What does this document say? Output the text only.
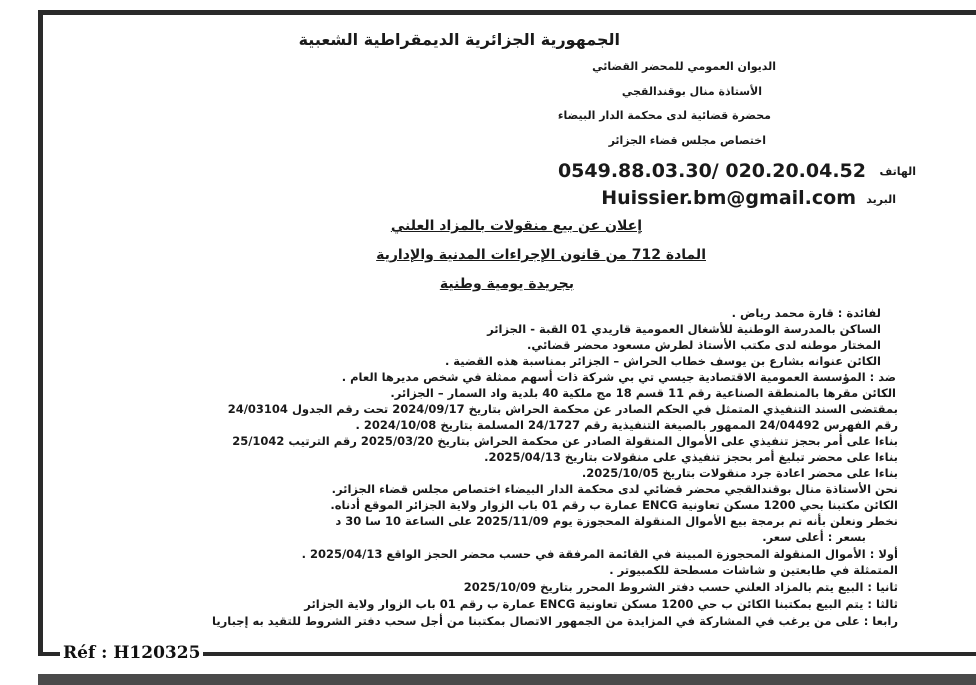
الجمهورية الجزائرية الديمقراطية الشعبية
الديوان العمومي للمحضر القضائي
الأستاذة منال بوقندالقجي
محضرة قضائية لدى محكمة الدار البيضاء
اختصاص مجلس قضاء الجزائر
0549.88.03.30/ 020.20.04.52 الهاتف
Huissier.bm@gmail.com البريد
إعلان عن بيع منقولات بالمزاد العلني
المادة 712 من قانون الإجراءات المدنية والإدارية
بجريدة يومية وطنية
لفائدة : قارة محمد رياض .
الساكن بالمدرسة الوطنية للأشغال العمومية قاريدي 01 القبة - الجزائر
المختار موطنه لدى مكتب الأستاذ لطرش مسعود محضر قضائي.
الكائن عنوانه بشارع بن يوسف خطاب الحراش – الجزائر بمناسبة هذه القضية .
ضد : المؤسسة العمومية الاقتصادية جيسي تي بي شركة ذات أسهم ممثلة في شخص مديرها العام .
الكائن مقرها بالمنطقة الصناعية رقم 11 قسم 18 مج ملكية 40 بلدية واد السمار – الجزائر.
بمقتضى السند التنفيذي المتمثل في الحكم الصادر عن محكمة الحراش بتاريخ 2024/09/17 تحت رقم الجدول 24/03104
رقم الفهرس 24/04492 الممهور بالصيغة التنفيذية رقم 24/1727 المسلمة بتاريخ 2024/10/08 .
بناءا على أمر بحجز تنفيذي على الأموال المنقولة الصادر عن محكمة الحراش بتاريخ 2025/03/20 رقم الترتيب 25/1042
بناءا على محضر تبليغ أمر بحجز تنفيذي على منقولات بتاريخ 2025/04/13.
بناءا على محضر اعادة جرد منقولات بتاريخ 2025/10/05.
نحن الأستاذة منال بوقندالقجي محضر قضائي لدى محكمة الدار البيضاء اختصاص مجلس قضاء الجزائر.
الكائن مكتبنا بحي 1200 مسكن تعاونية ENCG عمارة ب رقم 01 باب الزوار ولاية الجزائر الموقع أدناه.
نخطر ونعلن بأنه تم برمجة بيع الأموال المنقولة المحجوزة يوم 2025/11/09 على الساعة 10 سا 30 د
بسعر : أعلى سعر.
أولا : الأموال المنقولة المحجوزة المبينة في القائمة المرفقة في حسب محضر الحجز الواقع 2025/04/13 .
المتمثلة في طابعتين و شاشات مسطحة للكمبيوتر .
ثانيا : البيع يتم بالمزاد العلني حسب دفتر الشروط المحرر بتاريخ 2025/10/09
ثالثا : يتم البيع بمكتبنا الكائن ب حي 1200 مسكن تعاونية ENCG عمارة ب رقم 01 باب الزوار ولاية الجزائر
رابعا : على من يرغب في المشاركة في المزايدة من الجمهور الاتصال بمكتبنا من أجل سحب دفتر الشروط للتقيد به إجباريا
Réf : H120325
